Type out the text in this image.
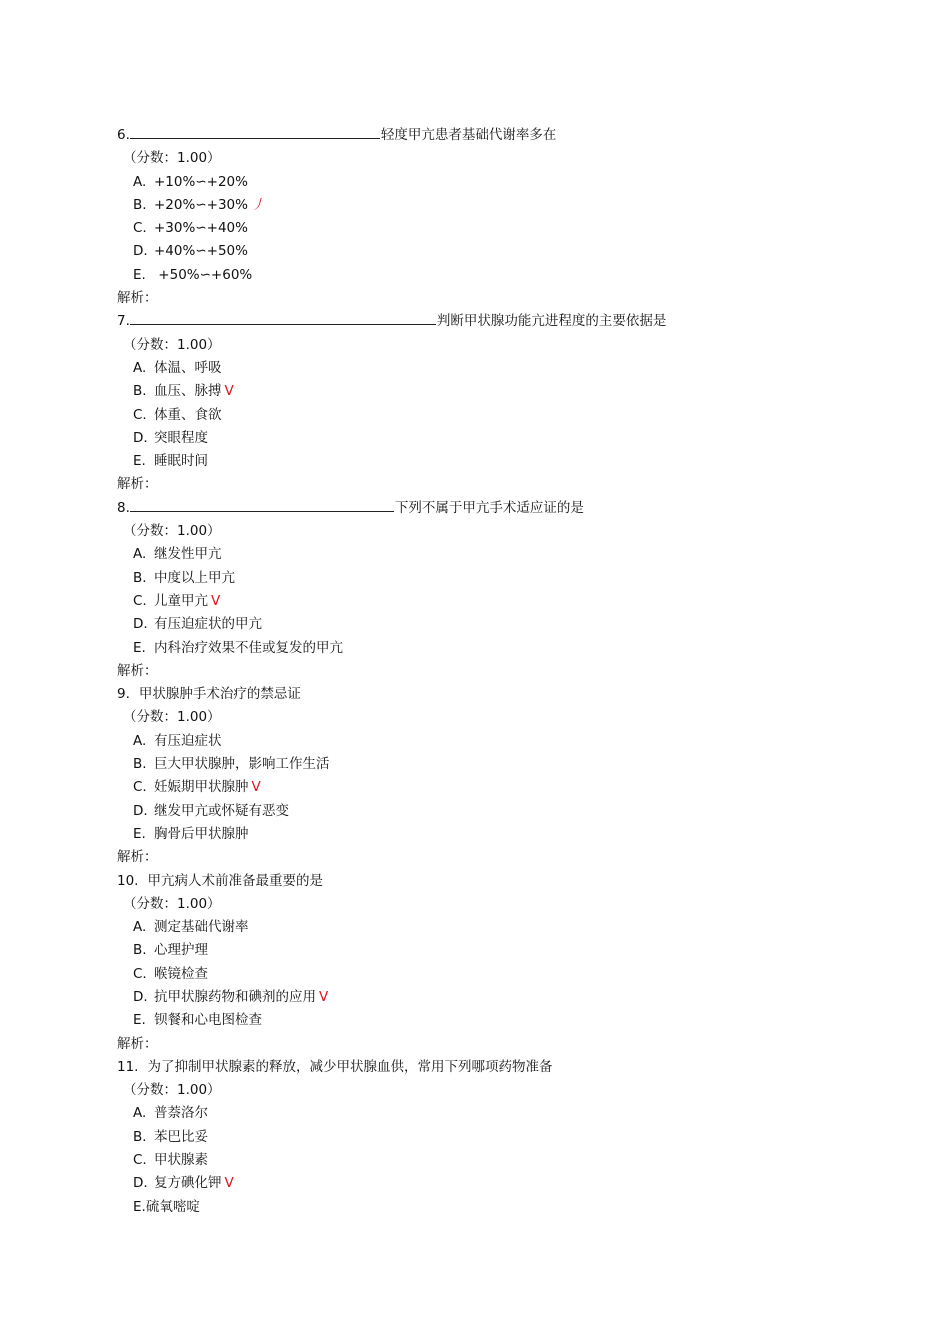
6.	轻度甲亢患者基础代谢率多在
（分数：1.00）
A. +10%∽+20%
B. +20%∽+30% 丿
C. +30%∽+40%
D. +40%∽+50%
E. +50%∽+60%
解析：
7.	判断甲状腺功能亢进程度的主要依据是
（分数：1.00）
A. 体温、呼吸
B. 血压、脉搏 V
C. 体重、食欲
D. 突眼程度
E. 睡眠时间
解析：
8.	下列不属于甲亢手术适应证的是
（分数：1.00）
A. 继发性甲亢
B. 中度以上甲亢
C. 儿童甲亢 V
D. 有压迫症状的甲亢
E. 内科治疗效果不佳或复发的甲亢
解析：
9. 甲状腺肿手术治疗的禁忌证
（分数：1.00）
A. 有压迫症状
B. 巨大甲状腺肿，影响工作生活
C. 妊娠期甲状腺肿 V
D. 继发甲亢或怀疑有恶变
E. 胸骨后甲状腺肿
解析：
10. 甲亢病人术前准备最重要的是
（分数：1.00）
A. 测定基础代谢率
B. 心理护理
C. 喉镜检查
D. 抗甲状腺药物和碘剂的应用 V
E. 钡餐和心电图检查
解析：
11. 为了抑制甲状腺素的释放，减少甲状腺血供，常用下列哪项药物准备
（分数：1.00）
A. 普萘洛尔
B. 苯巴比妥
C. 甲状腺素
D. 复方碘化钾 V
E.硫氧嘧啶
